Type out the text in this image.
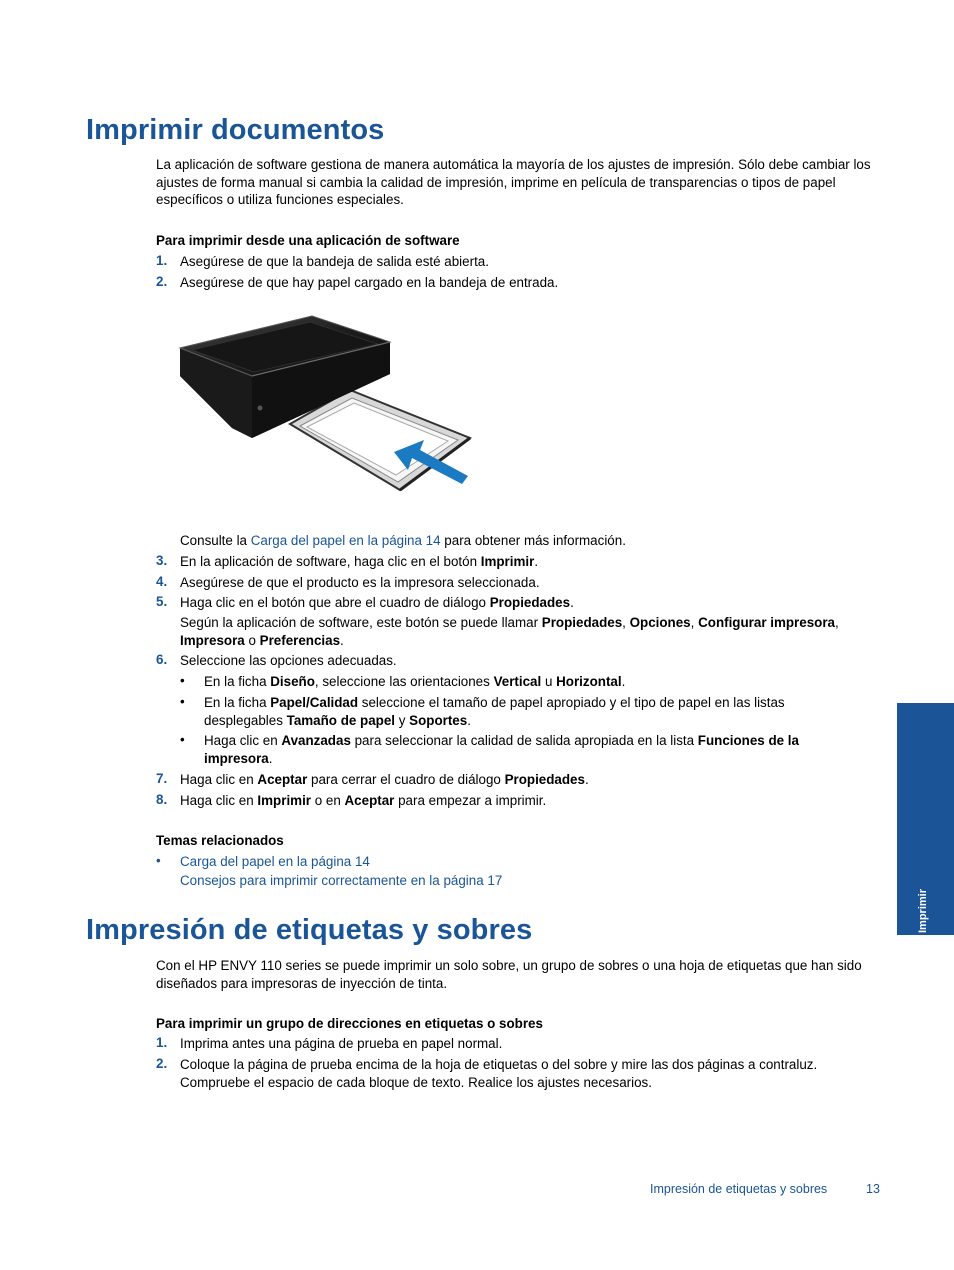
Imprimir documentos
La aplicación de software gestiona de manera automática la mayoría de los ajustes de impresión. Sólo debe cambiar los ajustes de forma manual si cambia la calidad de impresión, imprime en película de transparencias o tipos de papel específicos o utiliza funciones especiales.
Para imprimir desde una aplicación de software
1. Asegúrese de que la bandeja de salida esté abierta.
2. Asegúrese de que hay papel cargado en la bandeja de entrada.
Consulte la Carga del papel en la página 14 para obtener más información.
3. En la aplicación de software, haga clic en el botón Imprimir.
4. Asegúrese de que el producto es la impresora seleccionada.
5. Haga clic en el botón que abre el cuadro de diálogo Propiedades.
Según la aplicación de software, este botón se puede llamar Propiedades, Opciones, Configurar impresora, Impresora o Preferencias.
6. Seleccione las opciones adecuadas.
• En la ficha Diseño, seleccione las orientaciones Vertical u Horizontal.
• En la ficha Papel/Calidad seleccione el tamaño de papel apropiado y el tipo de papel en las listas desplegables Tamaño de papel y Soportes.
• Haga clic en Avanzadas para seleccionar la calidad de salida apropiada en la lista Funciones de la impresora.
7. Haga clic en Aceptar para cerrar el cuadro de diálogo Propiedades.
8. Haga clic en Imprimir o en Aceptar para empezar a imprimir.
Temas relacionados
• Carga del papel en la página 14
Consejos para imprimir correctamente en la página 17
Impresión de etiquetas y sobres
Con el HP ENVY 110 series se puede imprimir un solo sobre, un grupo de sobres o una hoja de etiquetas que han sido diseñados para impresoras de inyección de tinta.
Para imprimir un grupo de direcciones en etiquetas o sobres
1. Imprima antes una página de prueba en papel normal.
2. Coloque la página de prueba encima de la hoja de etiquetas o del sobre y mire las dos páginas a contraluz. Compruebe el espacio de cada bloque de texto. Realice los ajustes necesarios.
Imprimir
Impresión de etiquetas y sobres	13
